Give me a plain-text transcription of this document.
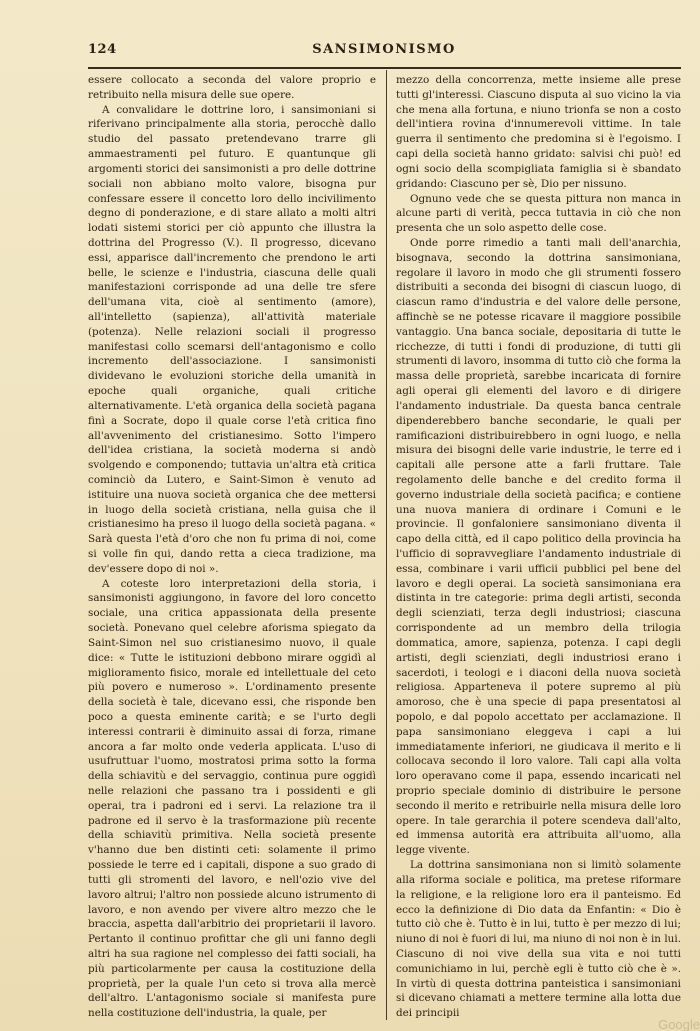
124	SANSIMONISMO

essere collocato a seconda del valore proprio e retribuito nella misura delle sue opere.

A convalidare le dottrine loro, i sansimoniani si riferivano principalmente alla storia, perocchè dallo studio del passato pretendevano trarre gli ammaestramenti pel futuro. E quantunque gli argomenti storici dei sansimonisti a pro delle dottrine sociali non abbiano molto valore, bisogna pur confessare essere il concetto loro dello incivilimento degno di ponderazione, e di stare allato a molti altri lodati sistemi storici per ciò appunto che illustra la dottrina del Progresso (V.). Il progresso, dicevano essi, apparisce dall'incremento che prendono le arti belle, le scienze e l'industria, ciascuna delle quali manifestazioni corrisponde ad una delle tre sfere dell'umana vita, cioè al sentimento (amore), all'intelletto (sapienza), all'attività materiale (potenza). Nelle relazioni sociali il progresso manifestasi collo scemarsi dell'antagonismo e collo incremento dell'associazione. I sansimonisti dividevano le evoluzioni storiche della umanità in epoche quali organiche, quali critiche alternativamente. L'età organica della società pagana finì a Socrate, dopo il quale corse l'età critica fino all'avvenimento del cristianesimo. Sotto l'impero dell'idea cristiana, la società moderna si andò svolgendo e componendo; tuttavia un'altra età critica cominciò da Lutero, e Saint-Simon è venuto ad istituire una nuova società organica che dee mettersi in luogo della società cristiana, nella guisa che il cristianesimo ha preso il luogo della società pagana. « Sarà questa l'età d'oro che non fu prima di noi, come si volle fin qui, dando retta a cieca tradizione, ma dev'essere dopo di noi ».

A coteste loro interpretazioni della storia, i sansimonisti aggiungono, in favore del loro concetto sociale, una critica appassionata della presente società. Ponevano quel celebre aforisma spiegato da Saint-Simon nel suo cristianesimo nuovo, il quale dice: « Tutte le istituzioni debbono mirare oggidì al miglioramento fisico, morale ed intellettuale del ceto più povero e numeroso ». L'ordinamento presente della società è tale, dicevano essi, che risponde ben poco a questa eminente carità; e se l'urto degli interessi contrarii è diminuito assai di forza, rimane ancora a far molto onde vederla applicata. L'uso di usufruttuar l'uomo, mostratosi prima sotto la forma della schiavitù e del servaggio, continua pure oggidì nelle relazioni che passano tra i possidenti e gli operai, tra i padroni ed i servi. La relazione tra il padrone ed il servo è la trasformazione più recente della schiavitù primitiva. Nella società presente v'hanno due ben distinti ceti: solamente il primo possiede le terre ed i capitali, dispone a suo grado di tutti gli stromenti del lavoro, e nell'ozio vive del lavoro altrui; l'altro non possiede alcuno istrumento di lavoro, e non avendo per vivere altro mezzo che le braccia, aspetta dall'arbitrio dei proprietarii il lavoro. Pertanto il continuo profittar che gli uni fanno degli altri ha sua ragione nel complesso dei fatti sociali, ha più particolarmente per causa la costituzione della proprietà, per la quale l'un ceto si trova alla mercè dell'altro. L'antagonismo sociale si manifesta pure nella costituzione dell'industria, la quale, per

mezzo della concorrenza, mette insieme alle prese tutti gl'interessi. Ciascuno disputa al suo vicino la via che mena alla fortuna, e niuno trionfa se non a costo dell'intiera rovina d'innumerevoli vittime. In tale guerra il sentimento che predomina si è l'egoismo. I capi della società hanno gridato: salvisi chi può! ed ogni socio della scompigliata famiglia si è sbandato gridando: Ciascuno per sè, Dio per nissuno.

Ognuno vede che se questa pittura non manca in alcune parti di verità, pecca tuttavia in ciò che non presenta che un solo aspetto delle cose.

Onde porre rimedio a tanti mali dell'anarchia, bisognava, secondo la dottrina sansimoniana, regolare il lavoro in modo che gli strumenti fossero distribuiti a seconda dei bisogni di ciascun luogo, di ciascun ramo d'industria e del valore delle persone, affinchè se ne potesse ricavare il maggiore possibile vantaggio. Una banca sociale, depositaria di tutte le ricchezze, di tutti i fondi di produzione, di tutti gli strumenti di lavoro, insomma di tutto ciò che forma la massa delle proprietà, sarebbe incaricata di fornire agli operai gli elementi del lavoro e di dirigere l'andamento industriale. Da questa banca centrale dipenderebbero banche secondarie, le quali per ramificazioni distribuirebbero in ogni luogo, e nella misura dei bisogni delle varie industrie, le terre ed i capitali alle persone atte a farli fruttare. Tale regolamento delle banche e del credito forma il governo industriale della società pacifica; e contiene una nuova maniera di ordinare i Comuni e le provincie. Il gonfaloniere sansimoniano diventa il capo della città, ed il capo politico della provincia ha l'ufficio di sopravvegliare l'andamento industriale di essa, combinare i varii ufficii pubblici pel bene del lavoro e degli operai. La società sansimoniana era distinta in tre categorie: prima degli artisti, seconda degli scienziati, terza degli industriosi; ciascuna corrispondente ad un membro della trilogia dommatica, amore, sapienza, potenza. I capi degli artisti, degli scienziati, degli industriosi erano i sacerdoti, i teologi e i diaconi della nuova società religiosa. Apparteneva il potere supremo al più amoroso, che è una specie di papa presentatosi al popolo, e dal popolo accettato per acclamazione. Il papa sansimoniano eleggeva i capi a lui immediatamente inferiori, ne giudicava il merito e li collocava secondo il loro valore. Tali capi alla volta loro operavano come il papa, essendo incaricati nel proprio speciale dominio di distribuire le persone secondo il merito e retribuirle nella misura delle loro opere. In tale gerarchia il potere scendeva dall'alto, ed immensa autorità era attribuita all'uomo, alla legge vivente.

La dottrina sansimoniana non si limitò solamente alla riforma sociale e politica, ma pretese riformare la religione, e la religione loro era il panteismo. Ed ecco la definizione di Dio data da Enfantin: « Dio è tutto ciò che è. Tutto è in lui, tutto è per mezzo di lui; niuno di noi è fuori di lui, ma niuno di noi non è in lui. Ciascuno di noi vive della sua vita e noi tutti comunichiamo in lui, perchè egli è tutto ciò che è ». In virtù di questa dottrina panteistica i sansimoniani si dicevano chiamati a mettere termine alla lotta due dei principii

Google
